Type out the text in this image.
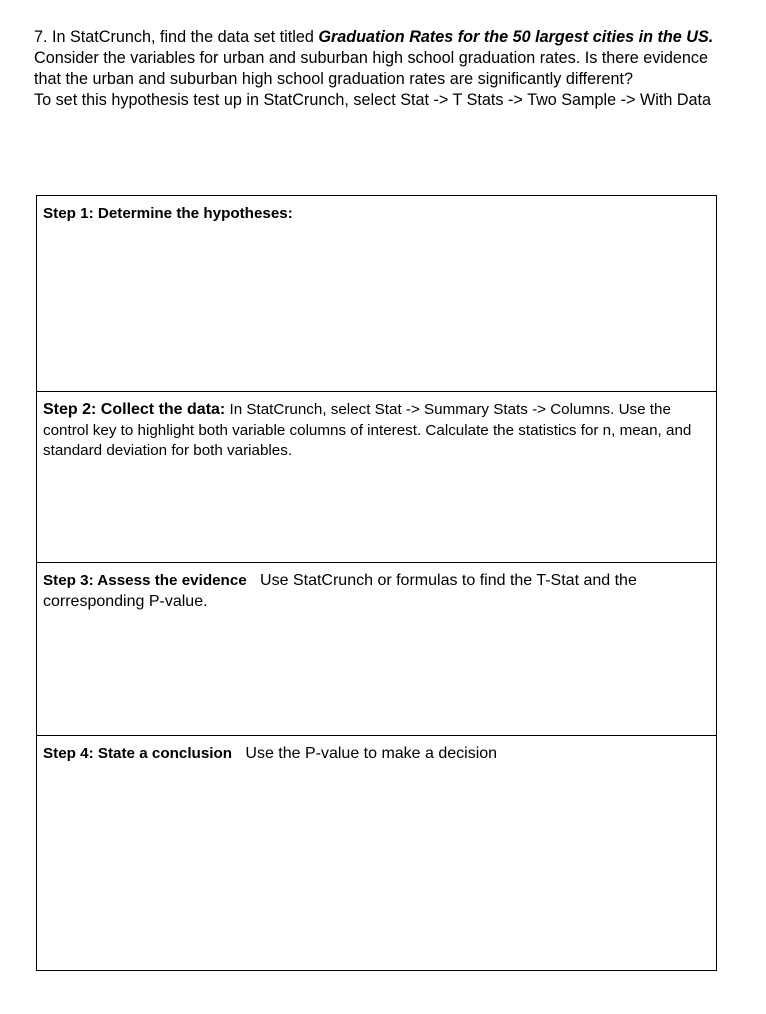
7. In StatCrunch, find the data set titled Graduation Rates for the 50 largest cities in the US.

Consider the variables for urban and suburban high school graduation rates. Is there evidence that the urban and suburban high school graduation rates are significantly different?

To set this hypothesis test up in StatCrunch, select Stat -> T Stats -> Two Sample -> With Data

Step 1: Determine the hypotheses:
Step 2: Collect the data: In StatCrunch, select Stat -> Summary Stats -> Columns. Use the control key to highlight both variable columns of interest. Calculate the statistics for n, mean, and standard deviation for both variables.
Step 3: Assess the evidence   Use StatCrunch or formulas to find the T-Stat and the corresponding P-value.
Step 4: State a conclusion   Use the P-value to make a decision
